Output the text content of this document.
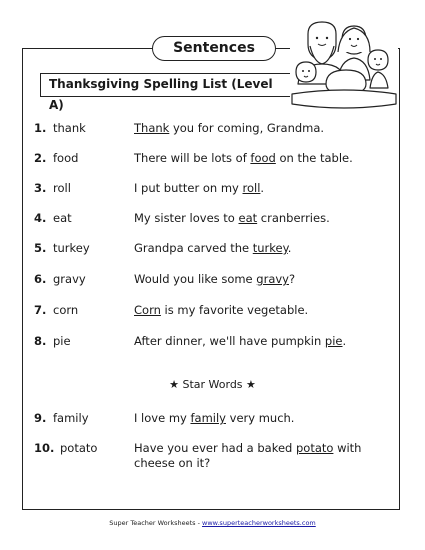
Sentences
Thanksgiving Spelling List (Level A)
1. thank	Thank you for coming, Grandma.
2. food	There will be lots of food on the table.
3. roll	I put butter on my roll.
4. eat	My sister loves to eat cranberries.
5. turkey	Grandpa carved the turkey.
6. gravy	Would you like some gravy?
7. corn	Corn is my favorite vegetable.
8. pie	After dinner, we'll have pumpkin pie.
9. family	I love my family very much.
10. potato	Have you ever had a baked potato with cheese on it?
★ Star Words ★
Super Teacher Worksheets - www.superteacherworksheets.com
